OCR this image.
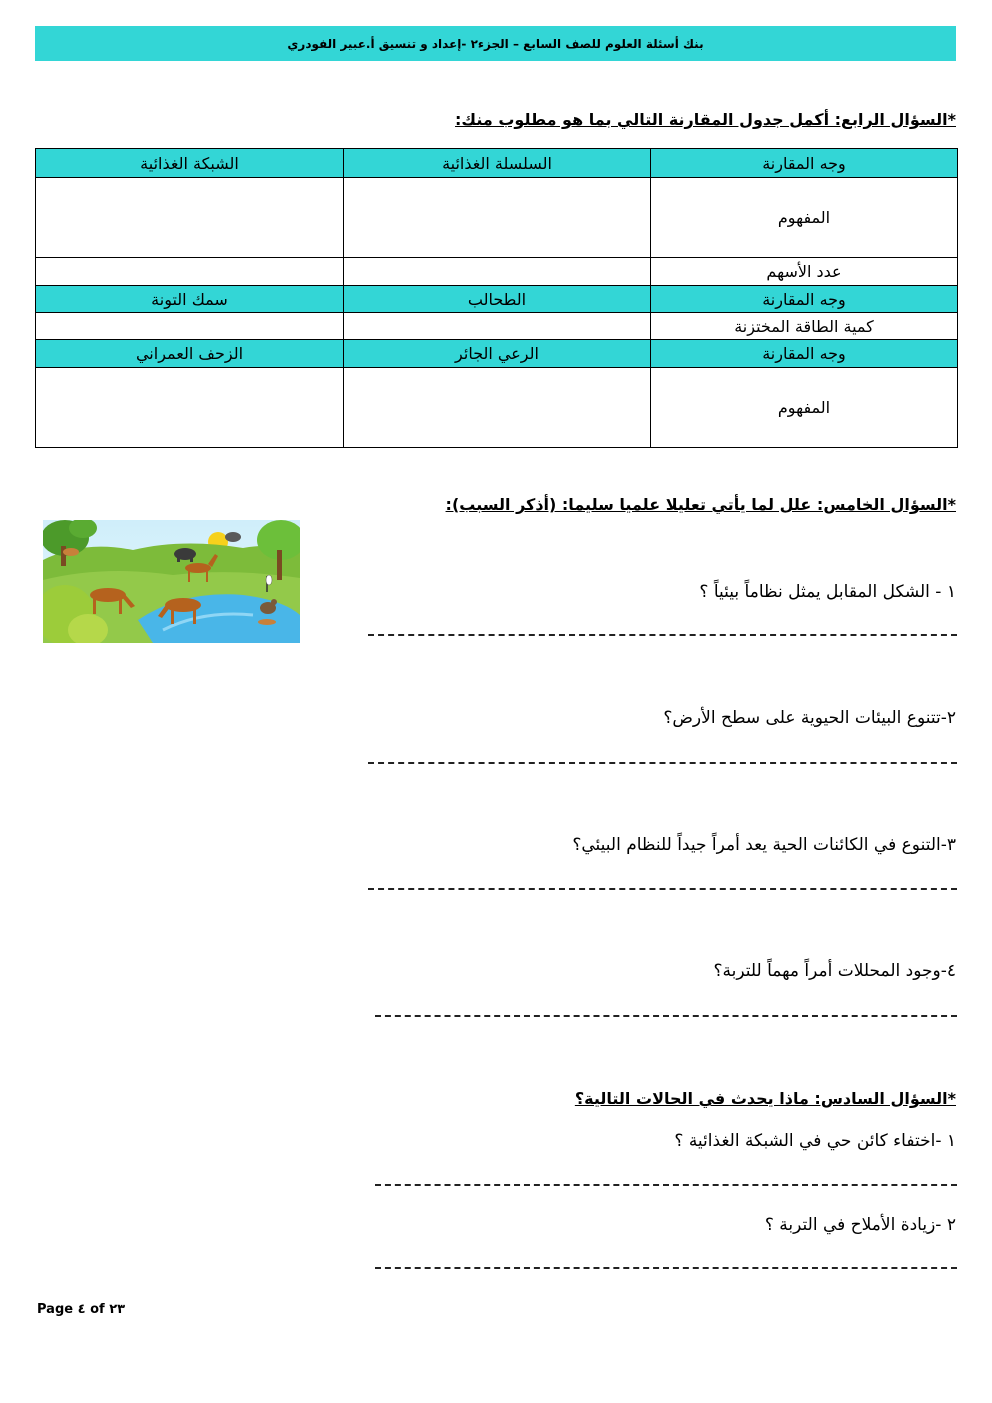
بنك أسئلة العلوم للصف السابع – الجزء٢ -إعداد و تنسيق أ.عبير الفودري
*السؤال الرابع: أكمل جدول المقارنة التالي بما هو مطلوب منك:
وجه المقارنة	السلسلة الغذائية	الشبكة الغذائية
المفهوم		
عدد الأسهم		
وجه المقارنة	الطحالب	سمك التونة
كمية الطاقة المختزنة		
وجه المقارنة	الرعي الجائر	الزحف العمراني
المفهوم		
*السؤال الخامس: علل لما يأتي تعليلا علميا سليما: (أذكر السبب):
١ - الشكل المقابل يمثل نظاماً بيئياً ؟
٢-تتنوع البيئات الحيوية على سطح الأرض؟
٣-التنوع في الكائنات الحية يعد أمراً جيداً للنظام البيئي؟
٤-وجود المحللات أمراً مهماً للتربة؟
*السؤال السادس: ماذا يحدث في الحالات التالية؟
١ -اختفاء كائن حي في الشبكة الغذائية ؟
٢ -زيادة الأملاح في التربة ؟
Page ٤ of ٢٣
